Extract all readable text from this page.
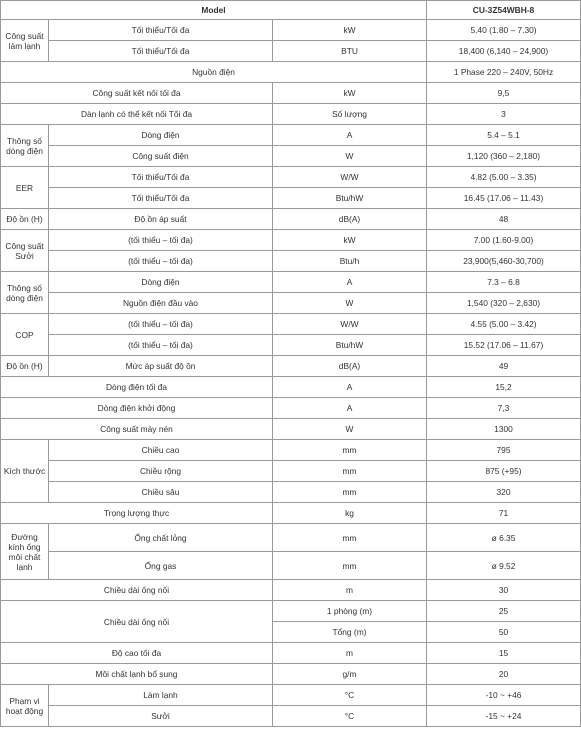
Model			CU-3Z54WBH-8
Công suất làm lạnh	Tối thiểu/Tối đa	kW	5.40 (1.80 – 7.30)
	Tối thiểu/Tối đa	BTU	18,400 (6,140 – 24,900)
Nguồn điện			1 Phase 220 – 240V, 50Hz
Công suất kết nối tối đa		kW	9,5
Dàn lạnh có thể kết nối Tối đa		Số lượng	3
Thông số dòng điện	Dòng điện	A	5.4 – 5.1
	Công suất điện	W	1,120 (360 – 2,180)
EER	Tối thiểu/Tối đa	W/W	4.82 (5.00 – 3.35)
	Tối thiểu/Tối đa	Btu/hW	16.45 (17.06 – 11.43)
Độ ồn (H)	Độ ồn áp suất	dB(A)	48
Công suất Sưởi	(tối thiểu – tối đa)	kW	7.00 (1.60-9.00)
	(tối thiểu – tối đa)	Btu/h	23,900(5,460-30,700)
Thông số dòng điện	Dòng điện	A	7.3 – 6.8
	Nguồn điện đầu vào	W	1,540 (320 – 2,630)
COP	(tối thiểu – tối đa)	W/W	4.55 (5.00 – 3.42)
	(tối thiểu – tối đa)	Btu/hW	15.52 (17.06 – 11.67)
Độ ồn (H)	Mức áp suất độ ồn	dB(A)	49
Dòng điện tối đa		A	15,2
Dòng điện khởi động		A	7,3
Công suất máy nén		W	1300
Kích thước	Chiều cao	mm	795
	Chiều rộng	mm	875 (+95)
	Chiều sâu	mm	320
Trọng lượng thực		kg	71
Đường kính ống môi chất lạnh	Ống chất lỏng	mm	ø 6.35
	Ống gas	mm	ø 9.52
Chiều dài ống nối		m	30
Chiều dài ống nối		1 phòng (m)	25
		Tổng (m)	50
Độ cao tối đa		m	15
Môi chất lạnh bổ sung		g/m	20
Phạm vi hoạt động	Làm lạnh	°C	-10 ~ +46
	Sưởi	°C	-15 ~ +24
